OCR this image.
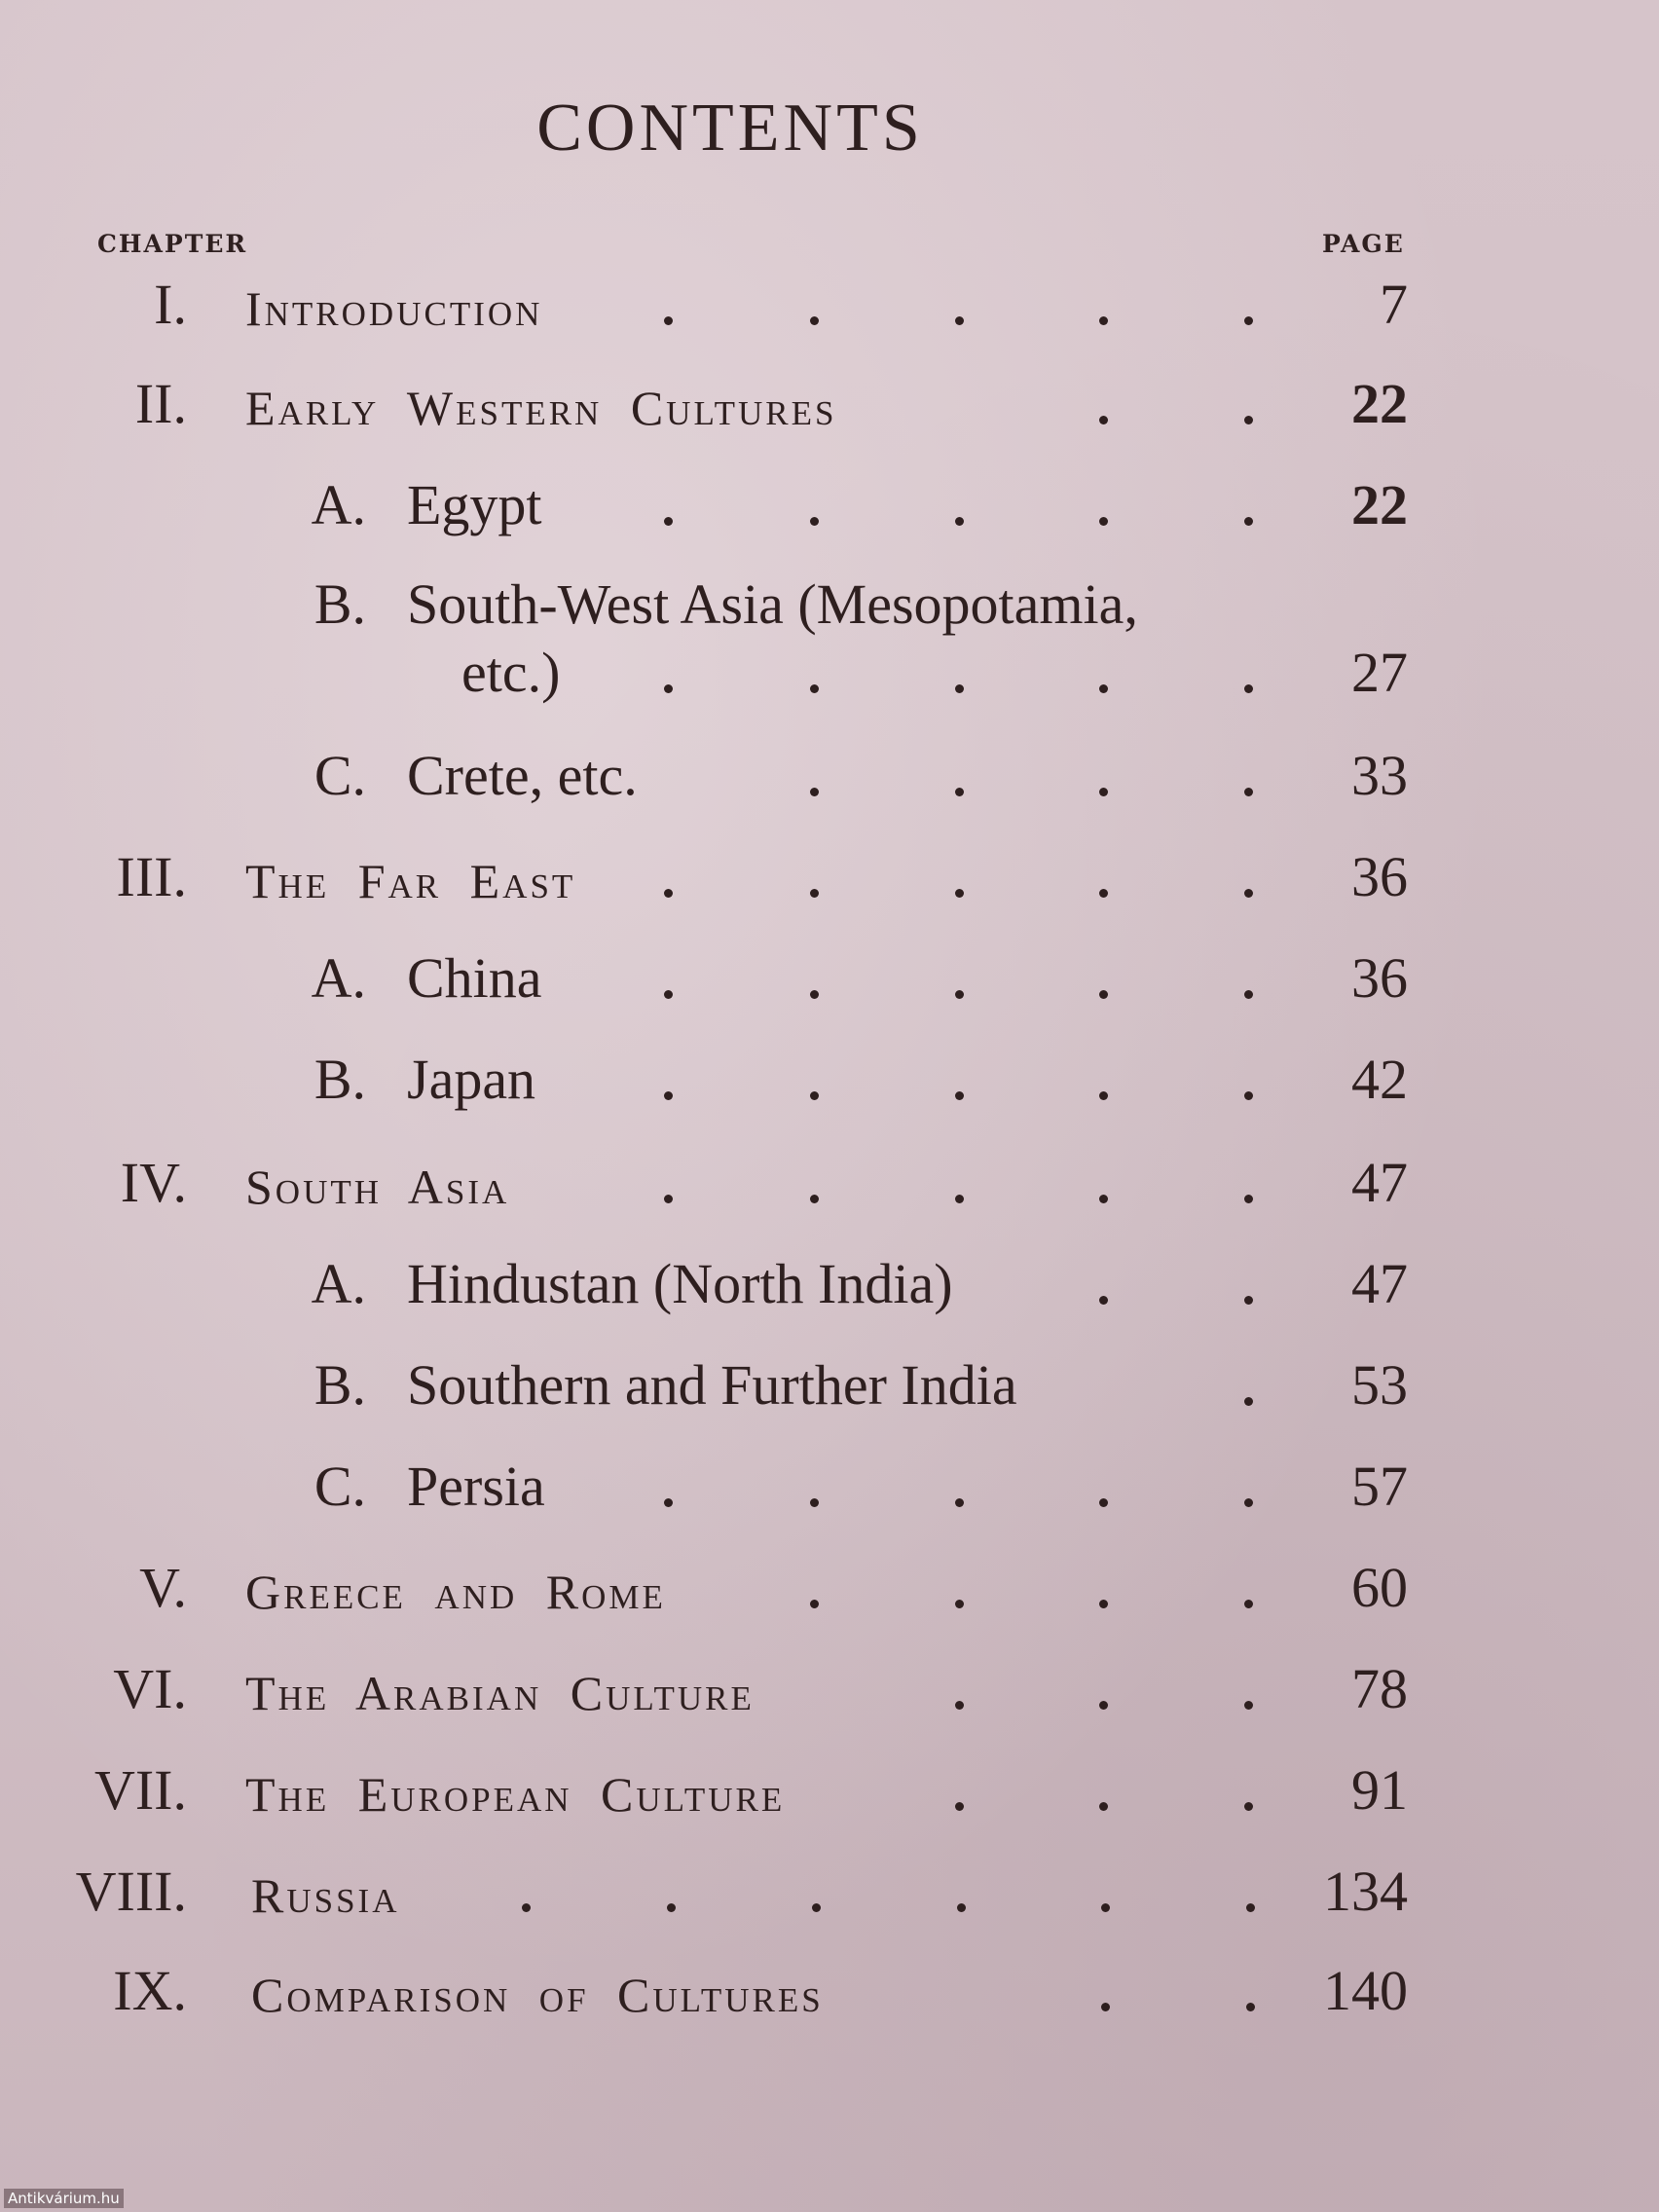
CONTENTS
CHAPTER	PAGE
I. Introduction	7
II. Early Western Cultures	22
A. Egypt	22
B. South-West Asia (Mesopotamia,
etc.)	27
C. Crete, etc.	33
III. The Far East	36
A. China	36
B. Japan	42
IV. South Asia	47
A. Hindustan (North India)	47
B. Southern and Further India	53
C. Persia	57
V. Greece and Rome	60
VI. The Arabian Culture	78
VII. The European Culture	91
VIII. Russia	134
IX. Comparison of Cultures	140
Antikvárium.hu
